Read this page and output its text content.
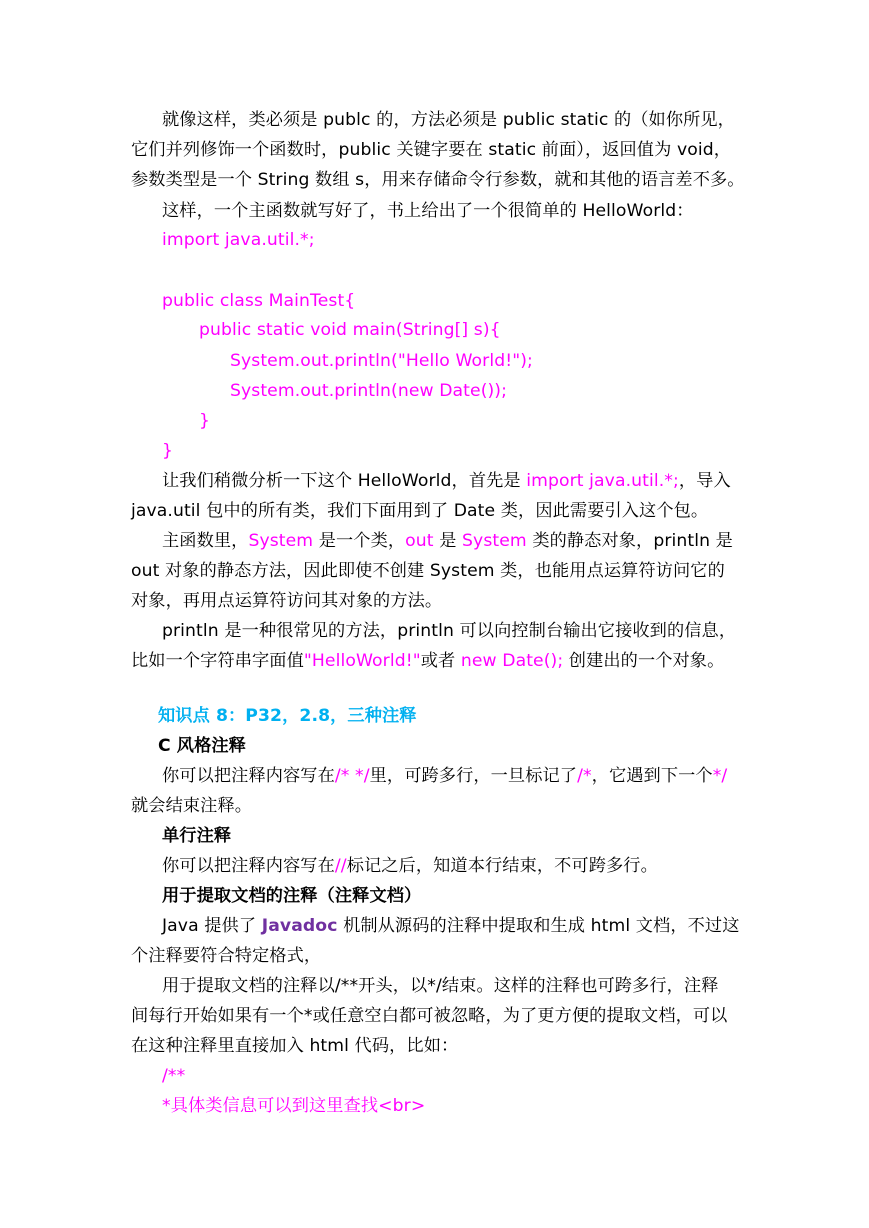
就像这样，类必须是 publc 的，方法必须是 public static 的（如你所见，
它们并列修饰一个函数时，public 关键字要在 static 前面），返回值为 void，
参数类型是一个 String 数组 s，用来存储命令行参数，就和其他的语言差不多。
这样，一个主函数就写好了，书上给出了一个很简单的 HelloWorld：
import java.util.*;
public class MainTest{
public static void main(String[] s){
System.out.println("Hello World!");
System.out.println(new Date());
}
}
让我们稍微分析一下这个 HelloWorld，首先是 import java.util.*;，导入
java.util 包中的所有类，我们下面用到了 Date 类，因此需要引入这个包。
主函数里，System 是一个类，out 是 System 类的静态对象，println 是
out 对象的静态方法，因此即使不创建 System 类，也能用点运算符访问它的
对象，再用点运算符访问其对象的方法。
println 是一种很常见的方法，println 可以向控制台输出它接收到的信息，
比如一个字符串字面值"HelloWorld!"或者 new Date(); 创建出的一个对象。
知识点 8：P32，2.8，三种注释
C 风格注释
你可以把注释内容写在/* */里，可跨多行，一旦标记了/*，它遇到下一个*/
就会结束注释。
单行注释
你可以把注释内容写在//标记之后，知道本行结束，不可跨多行。
用于提取文档的注释（注释文档）
Java 提供了 Javadoc 机制从源码的注释中提取和生成 html 文档，不过这
个注释要符合特定格式，
用于提取文档的注释以/**开头，以*/结束。这样的注释也可跨多行，注释
间每行开始如果有一个*或任意空白都可被忽略，为了更方便的提取文档，可以
在这种注释里直接加入 html 代码，比如：
/**
*具体类信息可以到这里查找<br>
